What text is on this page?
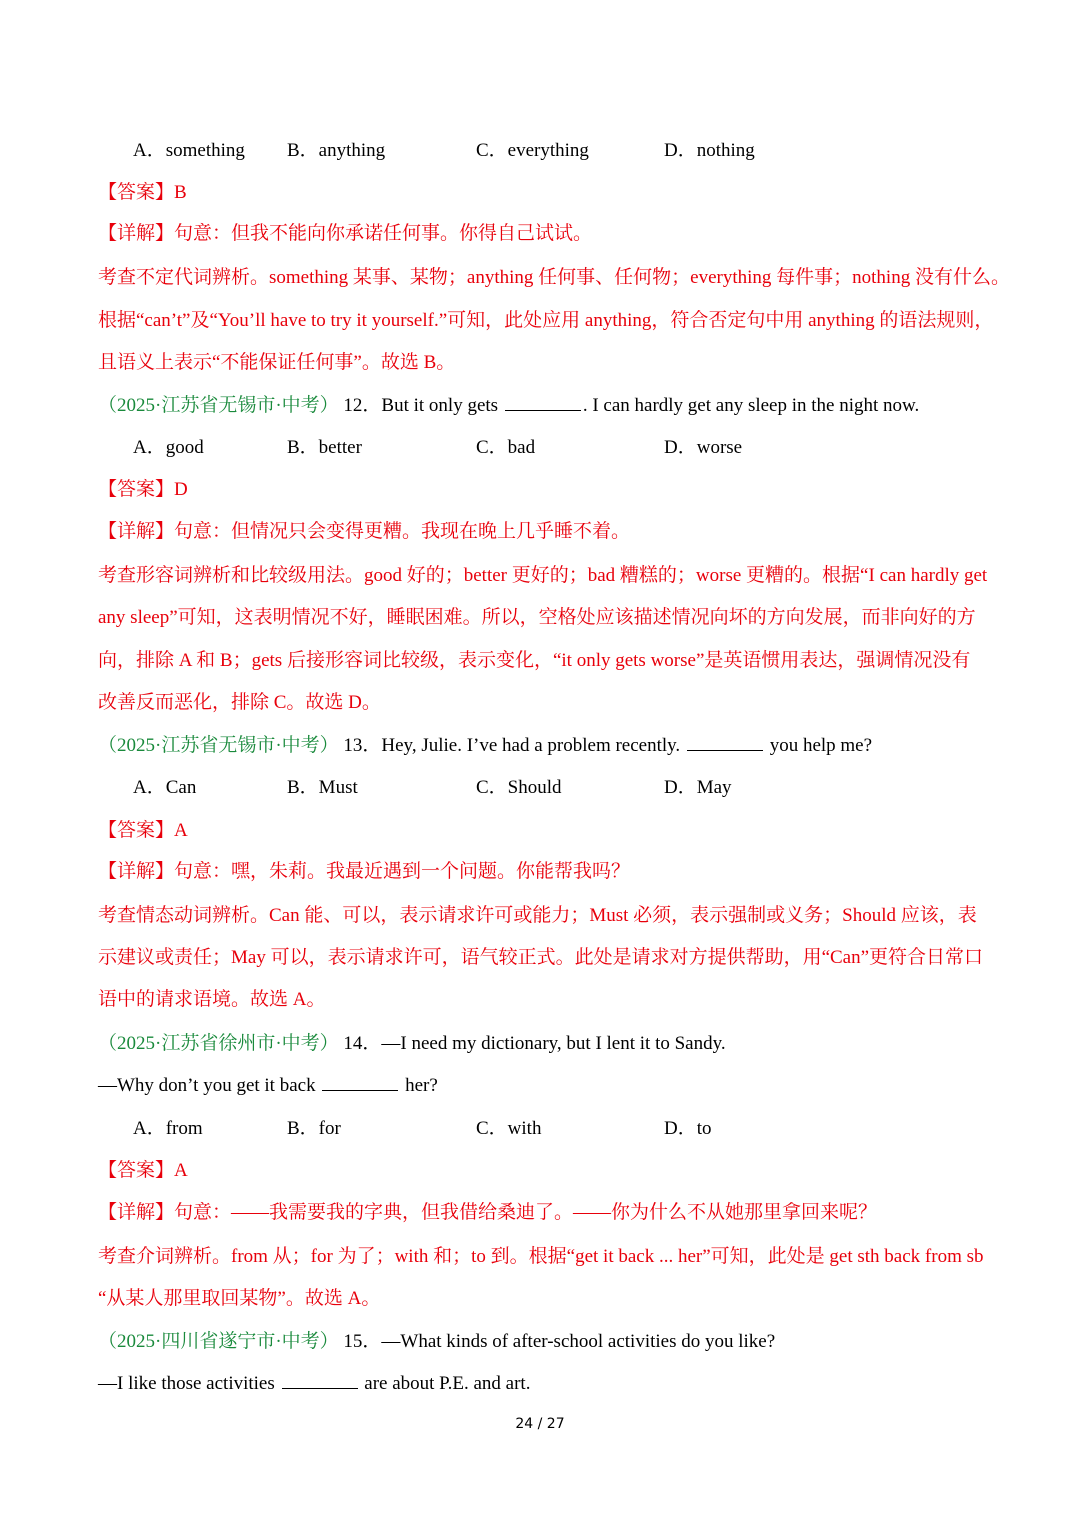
A．something B．anything	C．everything	D．nothing
【答案】B
【详解】句意：但我不能向你承诺任何事。你得自己试试。
考查不定代词辨析。something 某事、某物；anything 任何事、任何物；everything 每件事；nothing 没有什么。
根据“can’t”及“You’ll have to try it yourself.”可知，此处应用 anything，符合否定句中用 anything 的语法规则，
且语义上表示“不能保证任何事”。故选 B。
（2025·江苏省无锡市·中考） 12．But it only gets	. I can hardly get any sleep in the night now.
A．good	B．better	C．bad	D．worse
【答案】D
【详解】句意：但情况只会变得更糟。我现在晚上几乎睡不着。
考查形容词辨析和比较级用法。good 好的；better 更好的；bad 糟糕的；worse 更糟的。根据“I can hardly get
any sleep”可知，这表明情况不好，睡眠困难。所以，空格处应该描述情况向坏的方向发展，而非向好的方
向，排除 A 和 B；gets 后接形容词比较级，表示变化，“it only gets worse”是英语惯用表达，强调情况没有
改善反而恶化，排除 C。故选 D。
（2025·江苏省无锡市·中考） 13．Hey, Julie. I’ve had a problem recently.	you help me?
A．Can	B．Must	C．Should	D．May
【答案】A
【详解】句意：嘿，朱莉。我最近遇到一个问题。你能帮我吗？
考查情态动词辨析。Can 能、可以，表示请求许可或能力；Must 必须，表示强制或义务；Should 应该，表
示建议或责任；May 可以，表示请求许可，语气较正式。此处是请求对方提供帮助，用“Can”更符合日常口
语中的请求语境。故选 A。
（2025·江苏省徐州市·中考） 14．—I need my dictionary, but I lent it to Sandy.
—Why don’t you get it back	her?
A．from	B．for	C．with	D．to
【答案】A
【详解】句意：——我需要我的字典，但我借给桑迪了。——你为什么不从她那里拿回来呢？
考查介词辨析。from 从；for 为了；with 和；to 到。根据“get it back ... her”可知，此处是 get sth back from sb
“从某人那里取回某物”。故选 A。
（2025·四川省遂宁市·中考） 15．—What kinds of after-school activities do you like?
—I like those activities	are about P.E. and art.
24 / 27
